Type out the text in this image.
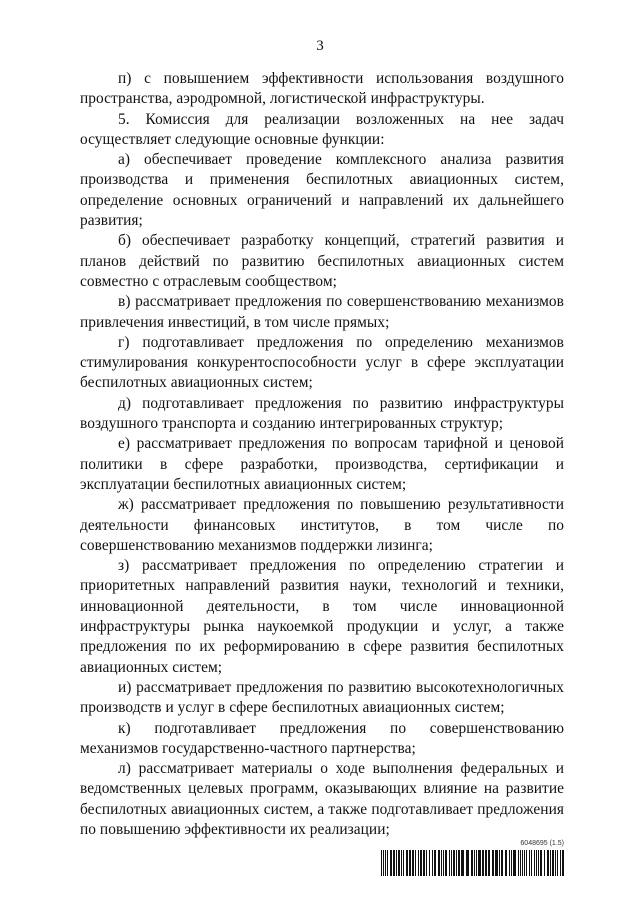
3

п) с повышением эффективности использования воздушного пространства, аэродромной, логистической инфраструктуры.

5. Комиссия для реализации возложенных на нее задач осуществляет следующие основные функции:

а) обеспечивает проведение комплексного анализа развития производства и применения беспилотных авиационных систем, определение основных ограничений и направлений их дальнейшего развития;

б) обеспечивает разработку концепций, стратегий развития и планов действий по развитию беспилотных авиационных систем совместно с отраслевым сообществом;

в) рассматривает предложения по совершенствованию механизмов привлечения инвестиций, в том числе прямых;

г) подготавливает предложения по определению механизмов стимулирования конкурентоспособности услуг в сфере эксплуатации беспилотных авиационных систем;

д) подготавливает предложения по развитию инфраструктуры воздушного транспорта и созданию интегрированных структур;

е) рассматривает предложения по вопросам тарифной и ценовой политики в сфере разработки, производства, сертификации и эксплуатации беспилотных авиационных систем;

ж) рассматривает предложения по повышению результативности деятельности финансовых институтов, в том числе по совершенствованию механизмов поддержки лизинга;

з) рассматривает предложения по определению стратегии и приоритетных направлений развития науки, технологий и техники, инновационной деятельности, в том числе инновационной инфраструктуры рынка наукоемкой продукции и услуг, а также предложения по их реформированию в сфере развития беспилотных авиационных систем;

и) рассматривает предложения по развитию высокотехнологичных производств и услуг в сфере беспилотных авиационных систем;

к) подготавливает предложения по совершенствованию механизмов государственно-частного партнерства;

л) рассматривает материалы о ходе выполнения федеральных и ведомственных целевых программ, оказывающих влияние на развитие беспилотных авиационных систем, а также подготавливает предложения по повышению эффективности их реализации;

6048695 (1.5)
